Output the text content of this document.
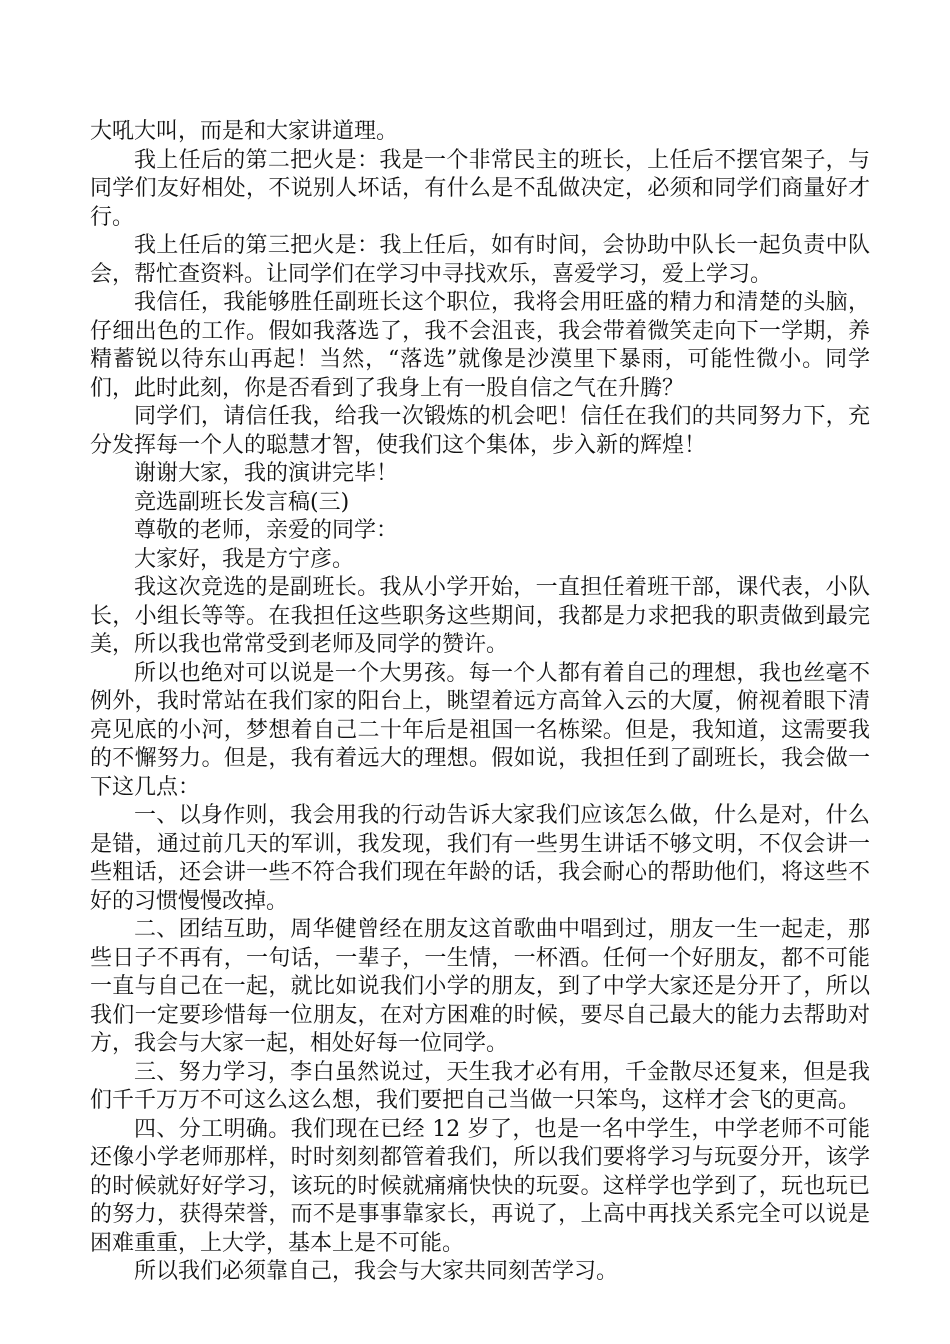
大吼大叫，而是和大家讲道理。

我上任后的第二把火是：我是一个非常民主的班长，上任后不摆官架子，与同学们友好相处，不说别人坏话，有什么是不乱做决定，必须和同学们商量好才行。

我上任后的第三把火是：我上任后，如有时间，会协助中队长一起负责中队会，帮忙查资料。让同学们在学习中寻找欢乐，喜爱学习，爱上学习。

我信任，我能够胜任副班长这个职位，我将会用旺盛的精力和清楚的头脑，仔细出色的工作。假如我落选了，我不会沮丧，我会带着微笑走向下一学期，养精蓄锐以待东山再起！当然，“落选”就像是沙漠里下暴雨，可能性微小。同学们，此时此刻，你是否看到了我身上有一股自信之气在升腾？

同学们，请信任我，给我一次锻炼的机会吧！信任在我们的共同努力下，充分发挥每一个人的聪慧才智，使我们这个集体，步入新的辉煌！

谢谢大家，我的演讲完毕！

竞选副班长发言稿(三)

尊敬的老师，亲爱的同学：

大家好，我是方宁彦。

我这次竞选的是副班长。我从小学开始，一直担任着班干部，课代表，小队长，小组长等等。在我担任这些职务这些期间，我都是力求把我的职责做到最完美，所以我也常常受到老师及同学的赞许。

所以也绝对可以说是一个大男孩。每一个人都有着自己的理想，我也丝毫不例外，我时常站在我们家的阳台上，眺望着远方高耸入云的大厦，俯视着眼下清亮见底的小河，梦想着自己二十年后是祖国一名栋梁。但是，我知道，这需要我的不懈努力。但是，我有着远大的理想。假如说，我担任到了副班长，我会做一下这几点：

一、以身作则，我会用我的行动告诉大家我们应该怎么做，什么是对，什么是错，通过前几天的军训，我发现，我们有一些男生讲话不够文明，不仅会讲一些粗话，还会讲一些不符合我们现在年龄的话，我会耐心的帮助他们，将这些不好的习惯慢慢改掉。

二、团结互助，周华健曾经在朋友这首歌曲中唱到过，朋友一生一起走，那些日子不再有，一句话，一辈子，一生情，一杯酒。任何一个好朋友，都不可能一直与自己在一起，就比如说我们小学的朋友，到了中学大家还是分开了，所以我们一定要珍惜每一位朋友，在对方困难的时候，要尽自己最大的能力去帮助对方，我会与大家一起，相处好每一位同学。

三、努力学习，李白虽然说过，天生我才必有用，千金散尽还复来，但是我们千千万万不可这么这么想，我们要把自己当做一只笨鸟，这样才会飞的更高。

四、分工明确。我们现在已经 12 岁了，也是一名中学生，中学老师不可能还像小学老师那样，时时刻刻都管着我们，所以我们要将学习与玩耍分开，该学的时候就好好学习，该玩的时候就痛痛快快的玩耍。这样学也学到了，玩也玩已的努力，获得荣誉，而不是事事靠家长，再说了，上高中再找关系完全可以说是困难重重，上大学，基本上是不可能。

所以我们必须靠自己，我会与大家共同刻苦学习。
